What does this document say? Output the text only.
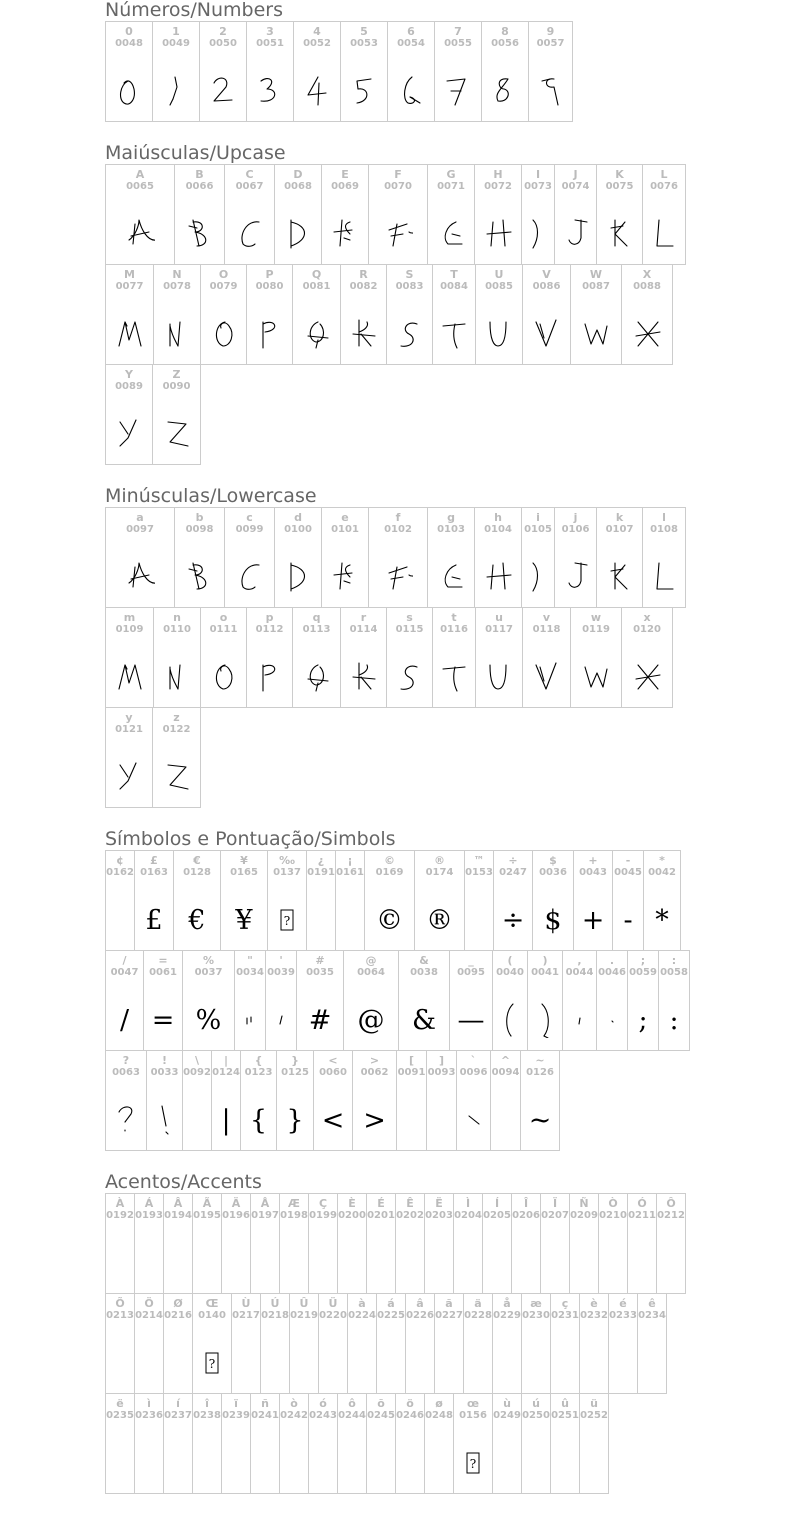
Números/Numbers
0
0048
1
0049
2
0050
3
0051
4
0052
5
0053
6
0054
7
0055
8
0056
9
0057
Maiúsculas/Upcase
A
0065
B
0066
C
0067
D
0068
E
0069
F
0070
G
0071
H
0072
I
0073
J
0074
K
0075
L
0076
M
0077
N
0078
O
0079
P
0080
Q
0081
R
0082
S
0083
T
0084
U
0085
V
0086
W
0087
X
0088
Y
0089
Z
0090
Minúsculas/Lowercase
a
0097
b
0098
c
0099
d
0100
e
0101
f
0102
g
0103
h
0104
i
0105
j
0106
k
0107
l
0108
m
0109
n
0110
o
0111
p
0112
q
0113
r
0114
s
0115
t
0116
u
0117
v
0118
w
0119
x
0120
y
0121
z
0122
Símbolos e Pontuação/Simbols
¢
0162
£
0163
£
€
0128
€
¥
0165
¥
‰
0137
?
¿
0191
¡
0161
©
0169
©
®
0174
®
™
0153
÷
0247
÷
$
0036
$
+
0043
+
-
0045
-
*
0042
*
/
0047
/
=
0061
=
%
0037
%
"
0034
'
0039
#
0035
#
@
0064
@
&
0038
&
_
0095
—
(
0040
)
0041
,
0044
.
0046
;
0059
;
:
0058
:
?
0063
!
0033
\
0092
|
0124
|
{
0123
{
}
0125
}
<
0060
<
>
0062
>
[
0091
]
0093
`
0096
^
0094
~
0126
~
Acentos/Accents
À
0192
Á
0193
Â
0194
Ã
0195
Ä
0196
Å
0197
Æ
0198
Ç
0199
È
0200
É
0201
Ê
0202
Ë
0203
Ì
0204
Í
0205
Î
0206
Ï
0207
Ñ
0209
Ò
0210
Ó
0211
Ô
0212
Õ
0213
Ö
0214
Ø
0216
Œ
0140
?
Ù
0217
Ú
0218
Û
0219
Ü
0220
à
0224
á
0225
â
0226
ã
0227
ä
0228
å
0229
æ
0230
ç
0231
è
0232
é
0233
ê
0234
ë
0235
ì
0236
í
0237
î
0238
ï
0239
ñ
0241
ò
0242
ó
0243
ô
0244
õ
0245
ö
0246
ø
0248
œ
0156
?
ù
0249
ú
0250
û
0251
ü
0252
